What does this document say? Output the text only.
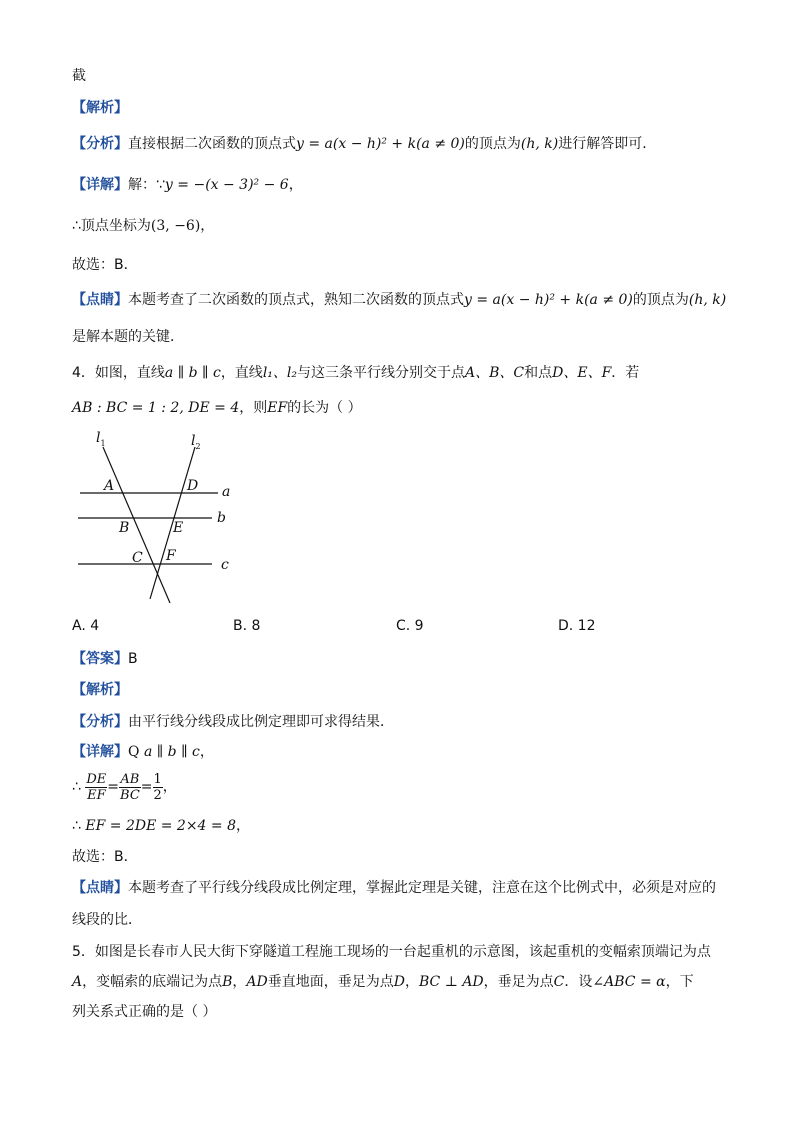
截
【解析】
【分析】直接根据二次函数的顶点式y = a(x − h)² + k(a ≠ 0)的顶点为(h, k)进行解答即可．
【详解】解：∵y = −(x − 3)² − 6，
∴顶点坐标为(3, −6)，
故选：B．
【点睛】本题考查了二次函数的顶点式，熟知二次函数的顶点式y = a(x − h)² + k(a ≠ 0)的顶点为(h, k)
是解本题的关键．
4．如图，直线a ∥ b ∥ c，直线l₁、l₂与这三条平行线分别交于点A、B、C和点D、E、F．若
AB : BC = 1 : 2, DE = 4，则EF的长为（ ）
$l_1$	$l_2$
A	D a
B	E
b
C F
c
A. 4	B. 8	C. 9	D. 12
【答案】B
【解析】
【分析】由平行线分线段成比例定理即可求得结果．
【详解】Q a ∥ b ∥ c，
∴ $\frac{DE}{EF} = \frac{AB}{BC} = \frac{1}{2}$ ，
∴ EF = 2DE = 2×4 = 8，
故选：B．
【点睛】本题考查了平行线分线段成比例定理，掌握此定理是关键，注意在这个比例式中，必须是对应的
线段的比．
5．如图是长春市人民大街下穿隧道工程施工现场的一台起重机的示意图，该起重机的变幅索顶端记为点
A，变幅索的底端记为点B，AD垂直地面，垂足为点D，BC ⊥ AD，垂足为点C．设∠ABC = α，下
列关系式正确的是（ ）
